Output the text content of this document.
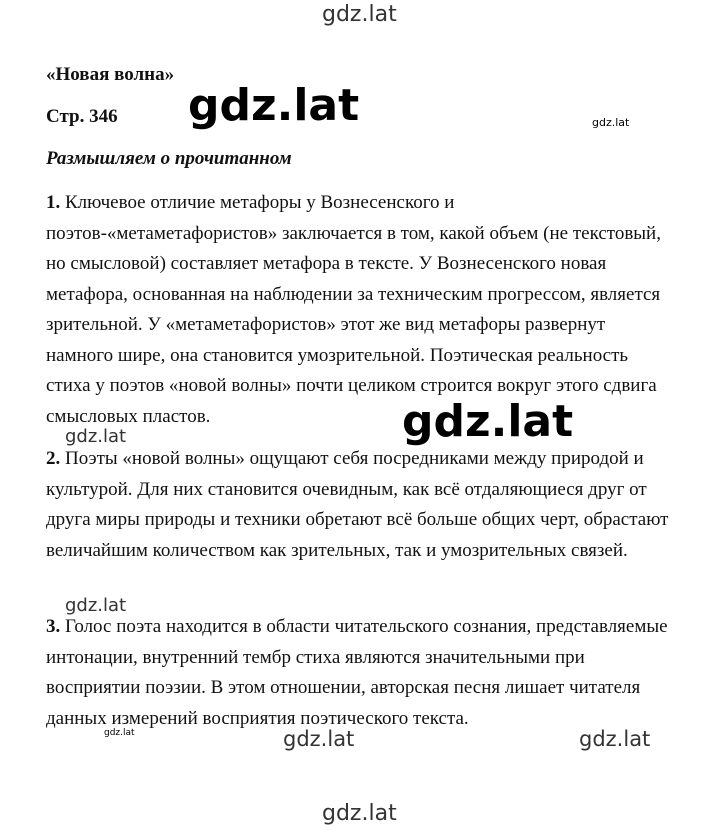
gdz.lat
«Новая волна»
Стр. 346
Размышляем о прочитанном

1. Ключевое отличие метафоры у Вознесенского и поэтов-«метаметафористов» заключается в том, какой объем (не текстовый, но смысловой) составляет метафора в тексте. У Вознесенского новая метафора, основанная на наблюдении за техническим прогрессом, является зрительной. У «метаметафористов» этот же вид метафоры развернут намного шире, она становится умозрительной. Поэтическая реальность стиха у поэтов «новой волны» почти целиком строится вокруг этого сдвига смысловых пластов.

2. Поэты «новой волны» ощущают себя посредниками между природой и культурой. Для них становится очевидным, как всё отдаляющиеся друг от друга миры природы и техники обретают всё больше общих черт, обрастают величайшим количеством как зрительных, так и умозрительных связей.

3. Голос поэта находится в области читательского сознания, представляемые интонации, внутренний тембр стиха являются значительными при восприятии поэзии. В этом отношении, авторская песня лишает читателя данных измерений восприятия поэтического текста.

gdz.lat	gdz.lat
gdz.lat
gdz.lat
gdz.lat
gdz.lat	gdz.lat	gdz.lat
gdz.lat
